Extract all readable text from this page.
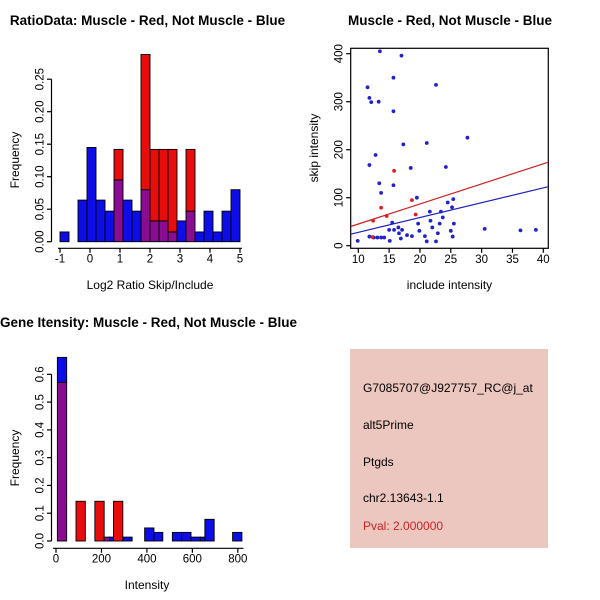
RatioData: Muscle - Red, Not Muscle - Blue
0.00
0.05
0.10
0.15
0.20
0.25
-1 0 1 2 3 4 5
Log2 Ratio Skip/Include
Frequency
Muscle - Red, Not Muscle - Blue
10 15 20 25 30 35 40
0
100
200
300
400
include intensity
skip intensity
Gene Itensity: Muscle - Red, Not Muscle - Blue
0.0
0.1
0.2
0.3
0.4
0.5
0.6
0	200 400 600 800
Intensity
Frequency
G7085707@J927757_RC@j_at
alt5Prime
Ptgds
chr2.13643-1.1
Pval: 2.000000
